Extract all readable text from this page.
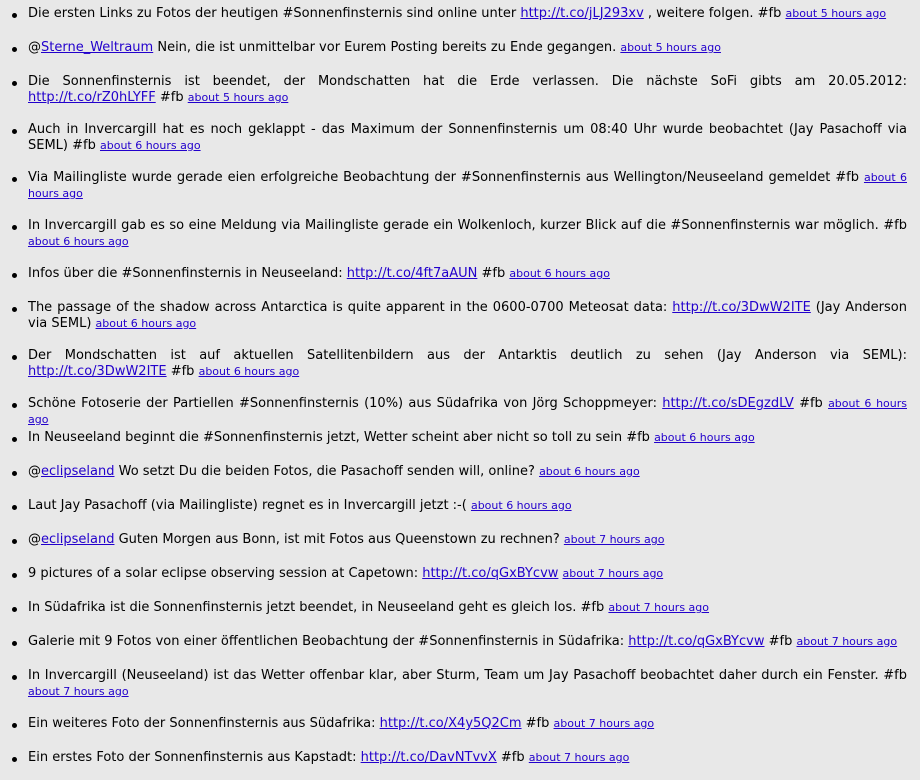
Die ersten Links zu Fotos der heutigen #Sonnenfinsternis sind online unter http://t.co/jLJ293xv , weitere folgen. #fb about 5 hours ago
@Sterne_Weltraum Nein, die ist unmittelbar vor Eurem Posting bereits zu Ende gegangen. about 5 hours ago
Die Sonnenfinsternis ist beendet, der Mondschatten hat die Erde verlassen. Die nächste SoFi gibts am 20.05.2012: http://t.co/rZ0hLYFF #fb about 5 hours ago
Auch in Invercargill hat es noch geklappt - das Maximum der Sonnenfinsternis um 08:40 Uhr wurde beobachtet (Jay Pasachoff via SEML) #fb about 6 hours ago
Via Mailingliste wurde gerade eien erfolgreiche Beobachtung der #Sonnenfinsternis aus Wellington/Neuseeland gemeldet #fb about 6 hours ago
In Invercargill gab es so eine Meldung via Mailingliste gerade ein Wolkenloch, kurzer Blick auf die #Sonnenfinsternis war möglich. #fb about 6 hours ago
Infos über die #Sonnenfinsternis in Neuseeland: http://t.co/4ft7aAUN #fb about 6 hours ago
The passage of the shadow across Antarctica is quite apparent in the 0600-0700 Meteosat data: http://t.co/3DwW2ITE (Jay Anderson via SEML) about 6 hours ago
Der Mondschatten ist auf aktuellen Satellitenbildern aus der Antarktis deutlich zu sehen (Jay Anderson via SEML): http://t.co/3DwW2ITE #fb about 6 hours ago
Schöne Fotoserie der Partiellen #Sonnenfinsternis (10%) aus Südafrika von Jörg Schoppmeyer: http://t.co/sDEgzdLV #fb about 6 hours ago
In Neuseeland beginnt die #Sonnenfinsternis jetzt, Wetter scheint aber nicht so toll zu sein #fb about 6 hours ago
@eclipseland Wo setzt Du die beiden Fotos, die Pasachoff senden will, online? about 6 hours ago
Laut Jay Pasachoff (via Mailingliste) regnet es in Invercargill jetzt :-( about 6 hours ago
@eclipseland Guten Morgen aus Bonn, ist mit Fotos aus Queenstown zu rechnen? about 7 hours ago
9 pictures of a solar eclipse observing session at Capetown: http://t.co/qGxBYcvw about 7 hours ago
In Südafrika ist die Sonnenfinsternis jetzt beendet, in Neuseeland geht es gleich los. #fb about 7 hours ago
Galerie mit 9 Fotos von einer öffentlichen Beobachtung der #Sonnenfinsternis in Südafrika: http://t.co/qGxBYcvw #fb about 7 hours ago
In Invercargill (Neuseeland) ist das Wetter offenbar klar, aber Sturm, Team um Jay Pasachoff beobachtet daher durch ein Fenster. #fb about 7 hours ago
Ein weiteres Foto der Sonnenfinsternis aus Südafrika: http://t.co/X4y5Q2Cm #fb about 7 hours ago
Ein erstes Foto der Sonnenfinsternis aus Kapstadt: http://t.co/DavNTvvX #fb about 7 hours ago
